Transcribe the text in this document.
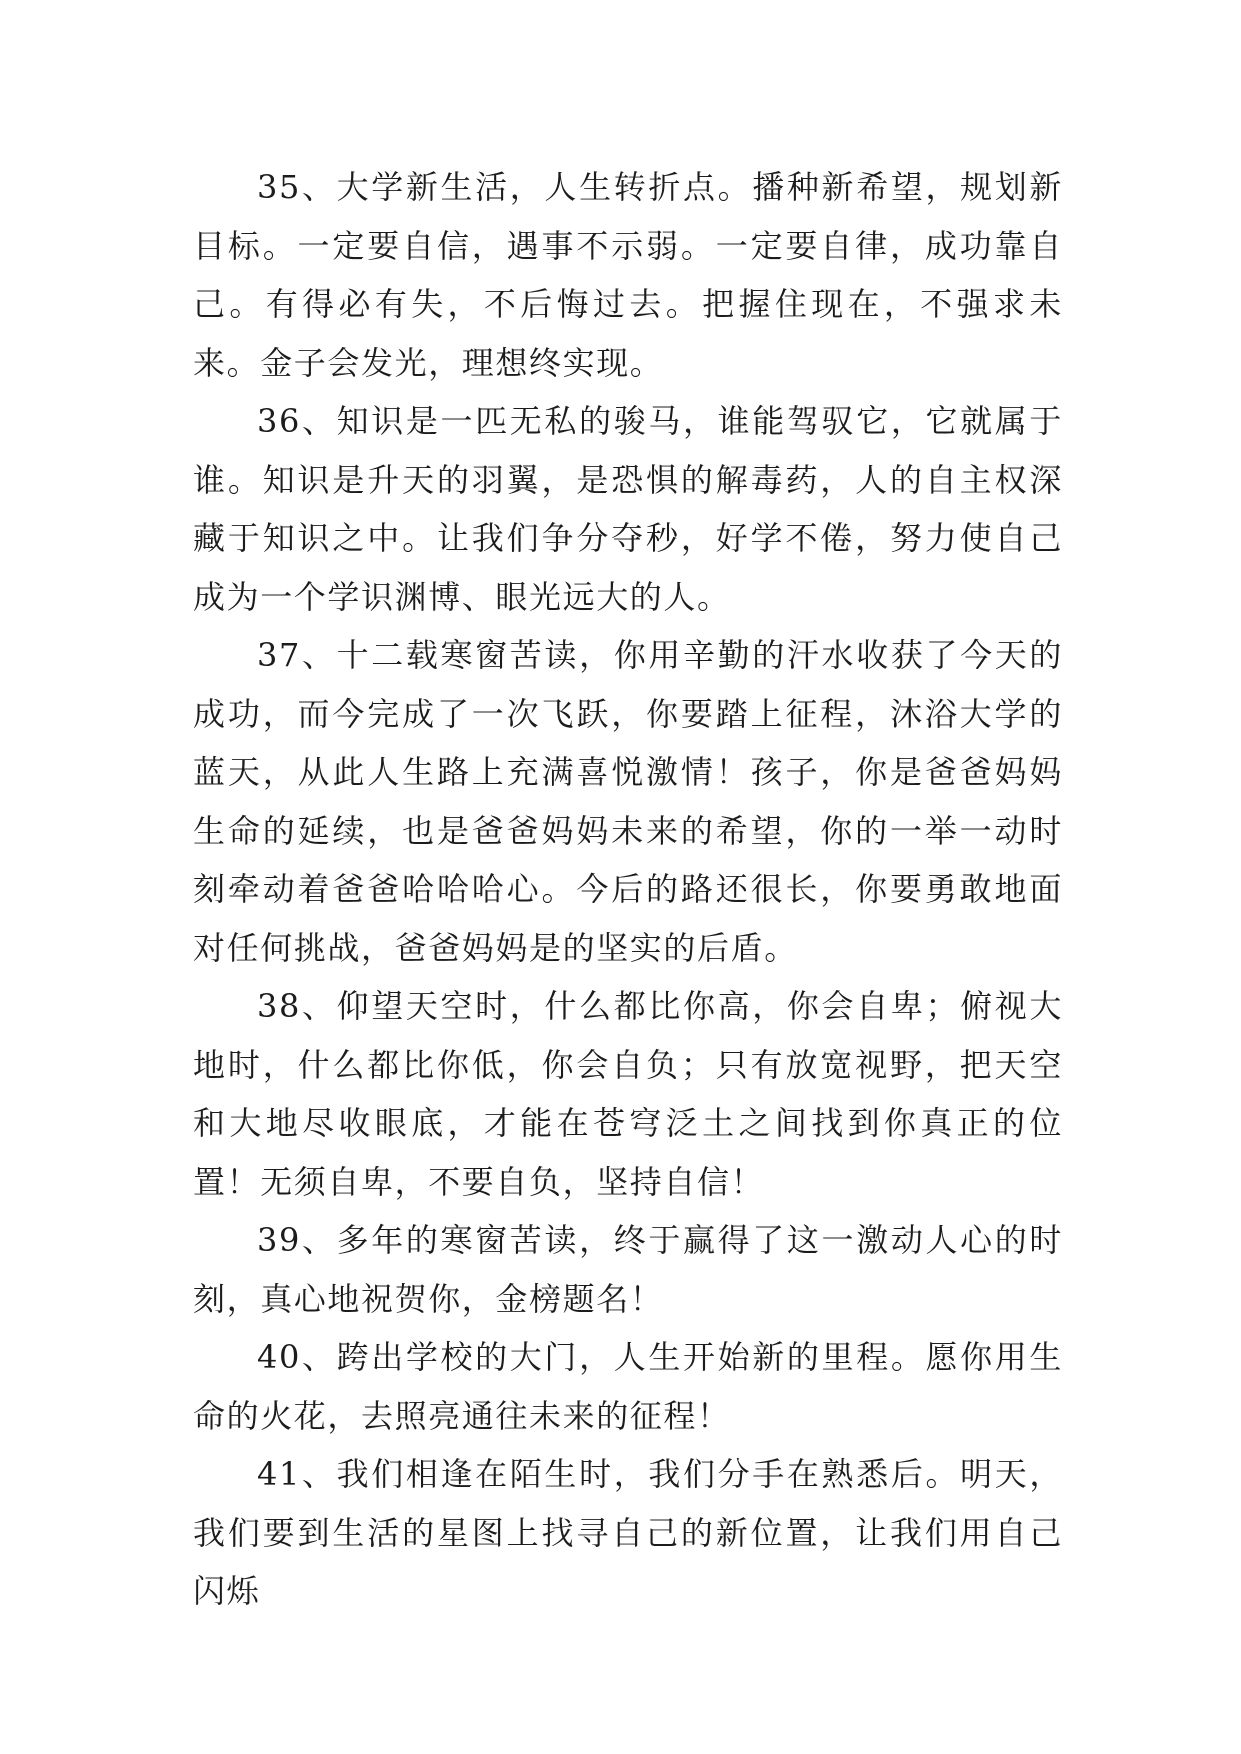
35、大学新生活，人生转折点。播种新希望，规划新目标。一定要自信，遇事不示弱。一定要自律，成功靠自己。有得必有失，不后悔过去。把握住现在，不强求未来。金子会发光，理想终实现。

36、知识是一匹无私的骏马，谁能驾驭它，它就属于谁。知识是升天的羽翼，是恐惧的解毒药，人的自主权深藏于知识之中。让我们争分夺秒，好学不倦，努力使自己成为一个学识渊博、眼光远大的人。

37、十二载寒窗苦读，你用辛勤的汗水收获了今天的成功，而今完成了一次飞跃，你要踏上征程，沐浴大学的蓝天，从此人生路上充满喜悦激情！孩子，你是爸爸妈妈生命的延续，也是爸爸妈妈未来的希望，你的一举一动时刻牵动着爸爸哈哈哈心。今后的路还很长，你要勇敢地面对任何挑战，爸爸妈妈是的坚实的后盾。

38、仰望天空时，什么都比你高，你会自卑；俯视大地时，什么都比你低，你会自负；只有放宽视野，把天空和大地尽收眼底，才能在苍穹泛土之间找到你真正的位置！无须自卑，不要自负，坚持自信！

39、多年的寒窗苦读，终于赢得了这一激动人心的时刻，真心地祝贺你，金榜题名！

40、跨出学校的大门，人生开始新的里程。愿你用生命的火花，去照亮通往未来的征程！

41、我们相逢在陌生时，我们分手在熟悉后。明天，我们要到生活的星图上找寻自己的新位置，让我们用自己闪烁
